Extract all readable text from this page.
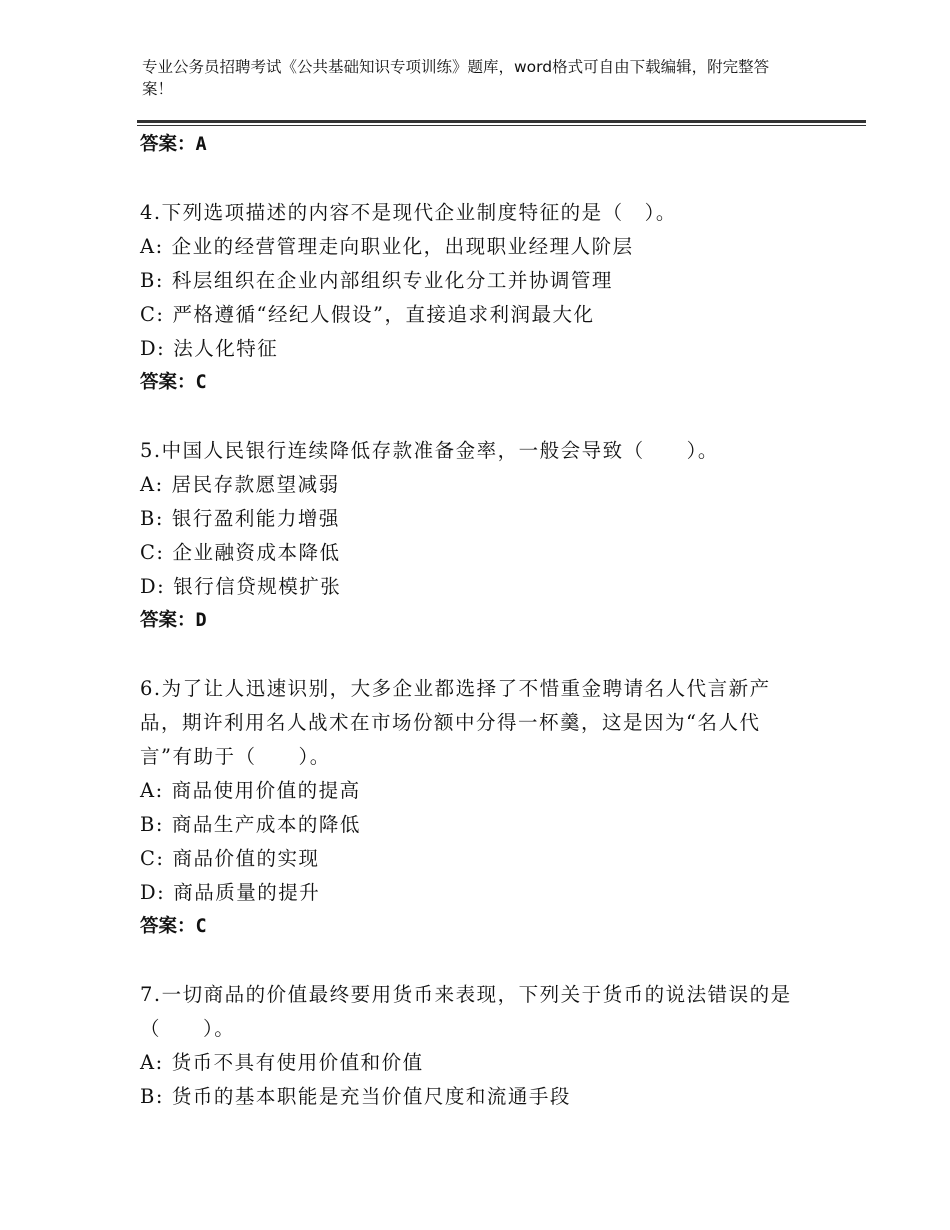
专业公务员招聘考试《公共基础知识专项训练》题库，word格式可自由下载编辑，附完整答案！
答案：A
4.下列选项描述的内容不是现代企业制度特征的是（　）。
A: 企业的经营管理走向职业化，出现职业经理人阶层
B: 科层组织在企业内部组织专业化分工并协调管理
C: 严格遵循“经纪人假设”，直接追求利润最大化
D: 法人化特征
答案：C
5.中国人民银行连续降低存款准备金率，一般会导致（　　）。
A: 居民存款愿望减弱
B: 银行盈利能力增强
C: 企业融资成本降低
D: 银行信贷规模扩张
答案：D
6.为了让人迅速识别，大多企业都选择了不惜重金聘请名人代言新产品，期许利用名人战术在市场份额中分得一杯羹，这是因为“名人代言”有助于（　　）。
A: 商品使用价值的提高
B: 商品生产成本的降低
C: 商品价值的实现
D: 商品质量的提升
答案：C
7.一切商品的价值最终要用货币来表现，下列关于货币的说法错误的是（　　）。
A: 货币不具有使用价值和价值
B: 货币的基本职能是充当价值尺度和流通手段
